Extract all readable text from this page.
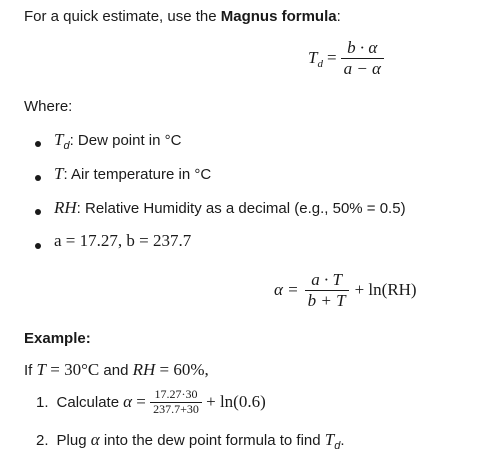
For a quick estimate, use the Magnus formula:
$T_d = \frac{b \cdot \alpha}{a - \alpha}$
Where:
$T_d$: Dew point in °C
T: Air temperature in °C
RH: Relative Humidity as a decimal (e.g., 50% = 0.5)
a = 17.27, b = 237.7
$\alpha = \frac{a \cdot T}{b + T} + \ln(RH)$
Example:
If T = 30°C and RH = 60%,
1. Calculate $\alpha = \frac{17.27\cdot 30}{237.7+30} + \ln(0.6)$
2. Plug α into the dew point formula to find $T_d$.
